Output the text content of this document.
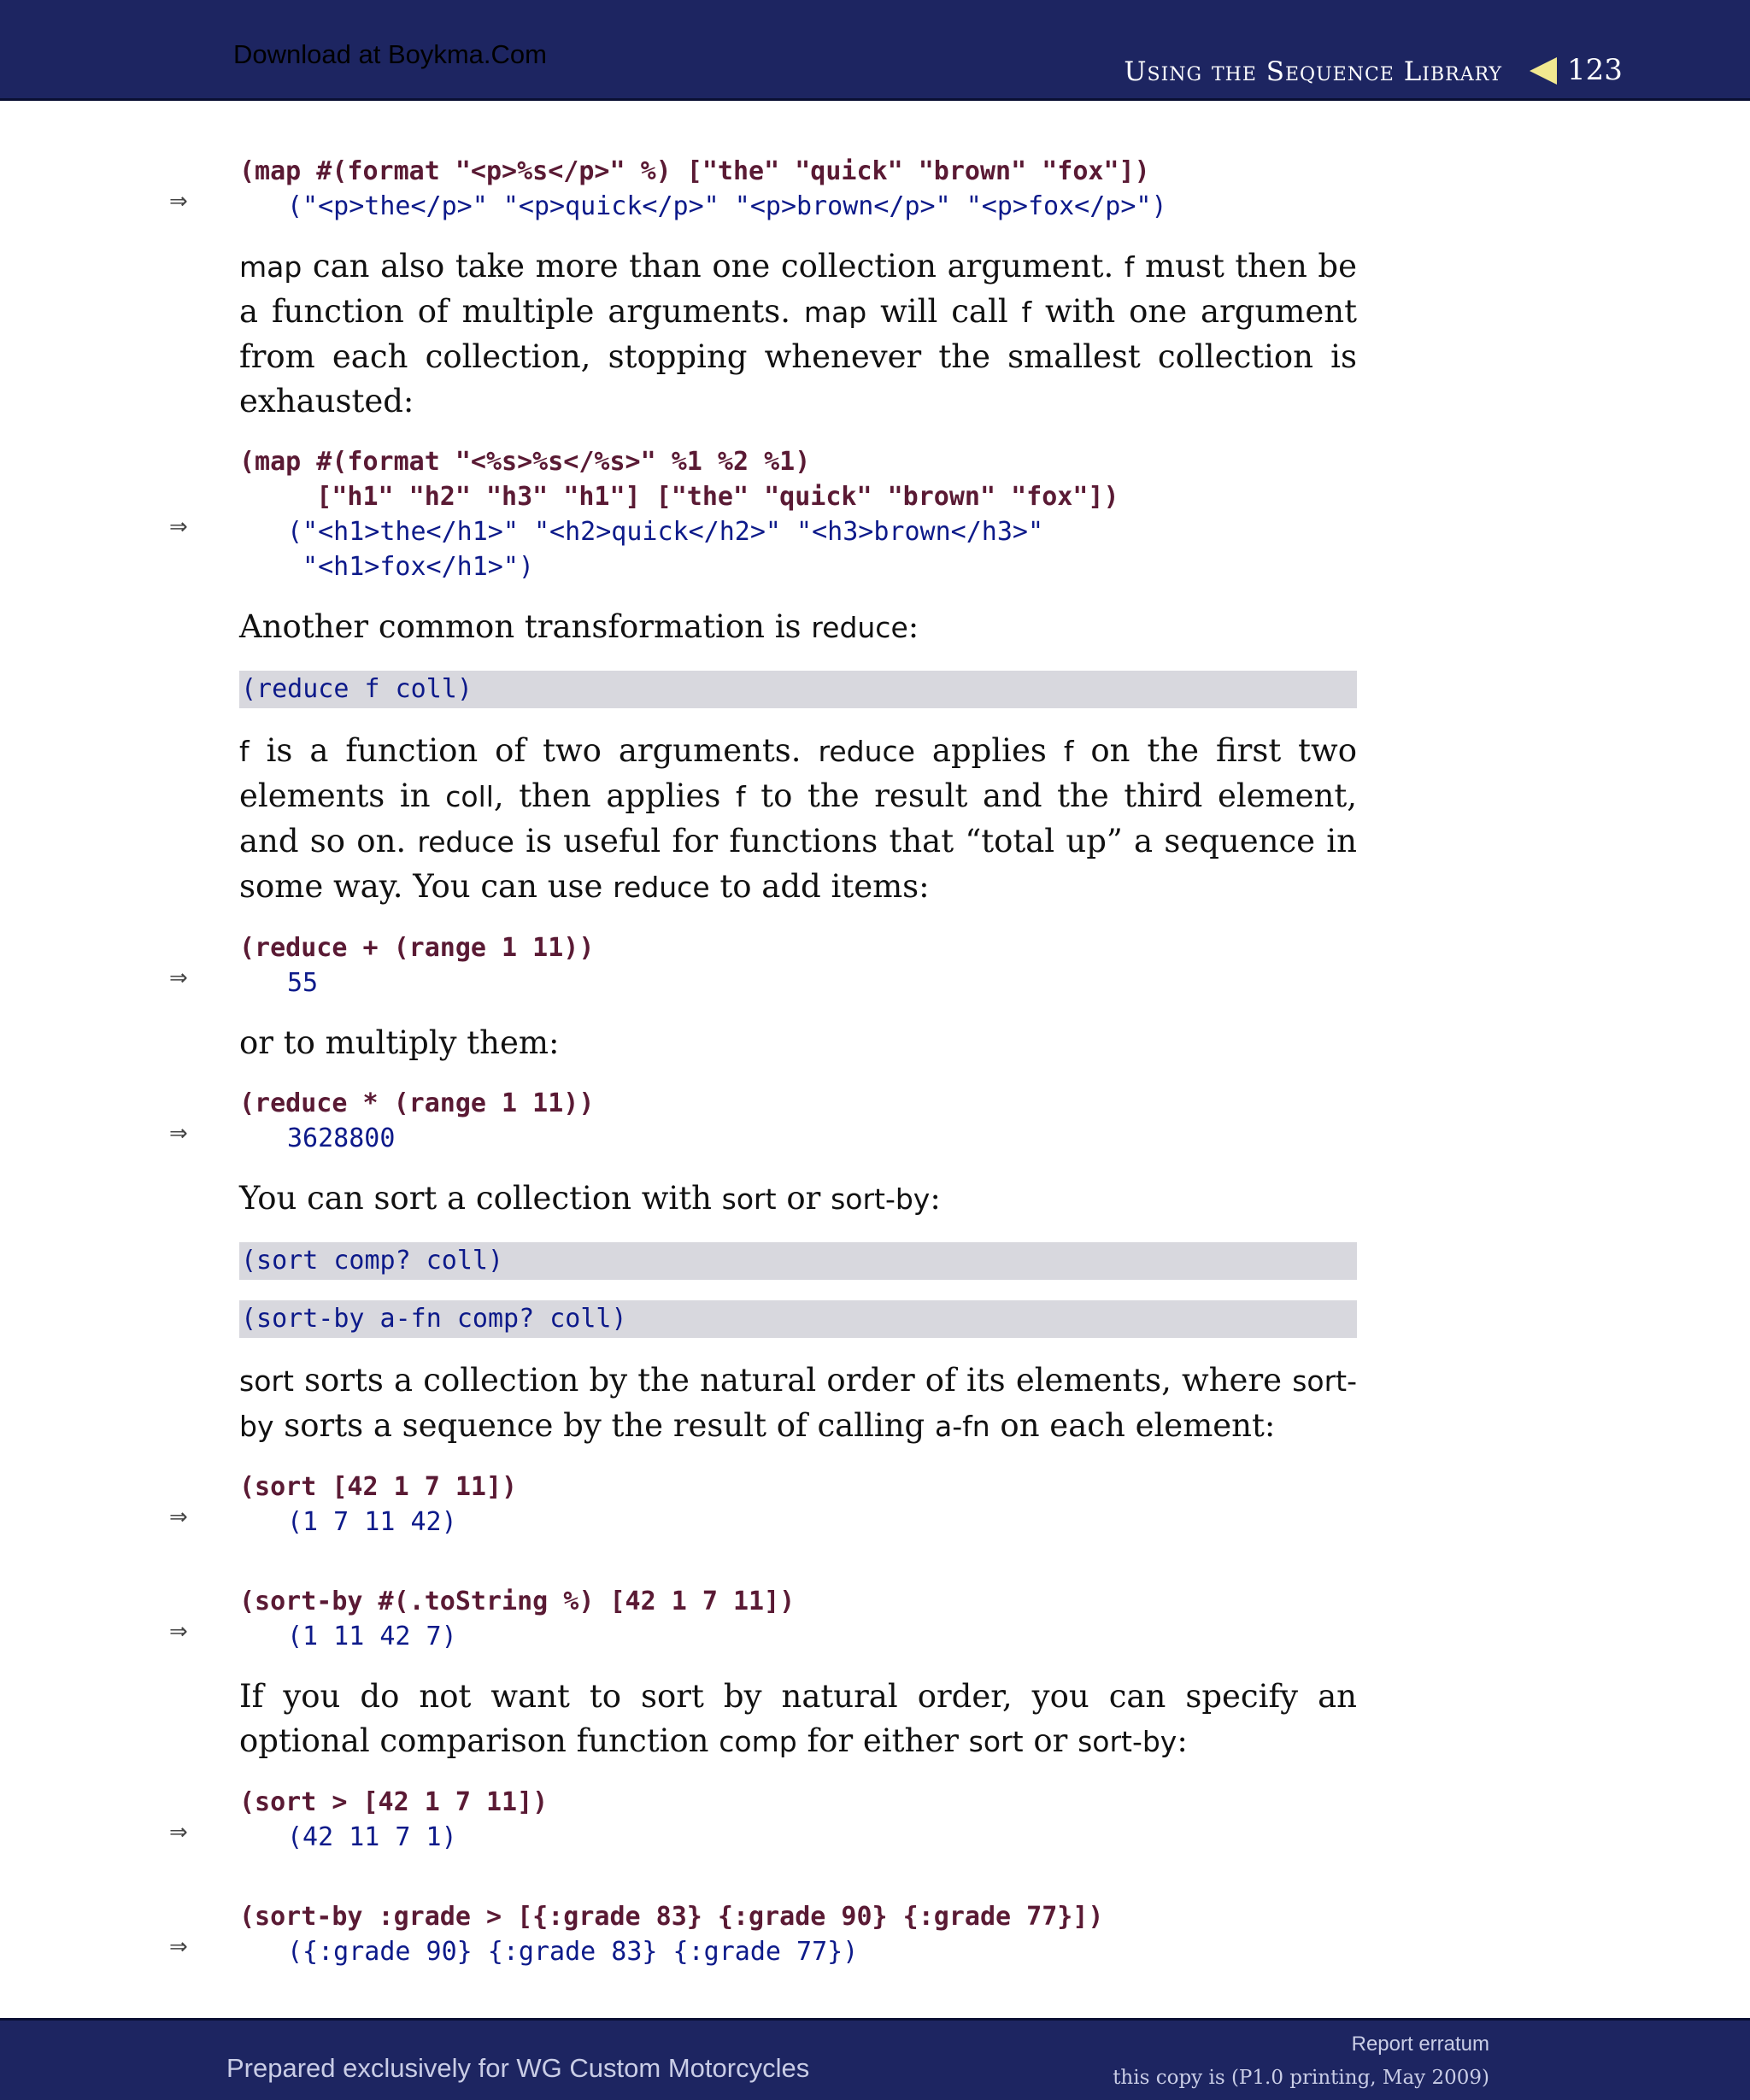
Download at Boykma.Com
Using the Sequence Library 123
(map #(format "<p>%s</p>" %) ["the" "quick" "brown" "fox"])
⇒	("<p>the</p>" "<p>quick</p>" "<p>brown</p>" "<p>fox</p>")

map can also take more than one collection argument. f must then be a function of multiple arguments. map will call f with one argument from each collection, stopping whenever the smallest collection is exhausted:

(map #(format "<%s>%s</%s>" %1 %2 %1)
["h1" "h2" "h3" "h1"] ["the" "quick" "brown" "fox"])
⇒	("<h1>the</h1>" "<h2>quick</h2>" "<h3>brown</h3>"
"<h1>fox</h1>")

Another common transformation is reduce:

(reduce f coll)

f is a function of two arguments. reduce applies f on the first two elements in coll, then applies f to the result and the third element, and so on. reduce is useful for functions that “total up” a sequence in some way. You can use reduce to add items:

(reduce + (range 1 11))
⇒	55

or to multiply them:

(reduce * (range 1 11))
⇒	3628800

You can sort a collection with sort or sort-by:

(sort comp? coll)
(sort-by a-fn comp? coll)

sort sorts a collection by the natural order of its elements, where sort-by sorts a sequence by the result of calling a-fn on each element:

(sort [42 1 7 11])
⇒	(1 7 11 42)
(sort-by #(.toString %) [42 1 7 11])
⇒	(1 11 42 7)

If you do not want to sort by natural order, you can specify an optional comparison function comp for either sort or sort-by:

(sort > [42 1 7 11])
⇒	(42 11 7 1)
(sort-by :grade > [{:grade 83} {:grade 90} {:grade 77}])
⇒	({:grade 90} {:grade 83} {:grade 77})
Prepared exclusively for WG Custom Motorcycles
Report erratum
this copy is (P1.0 printing, May 2009)
